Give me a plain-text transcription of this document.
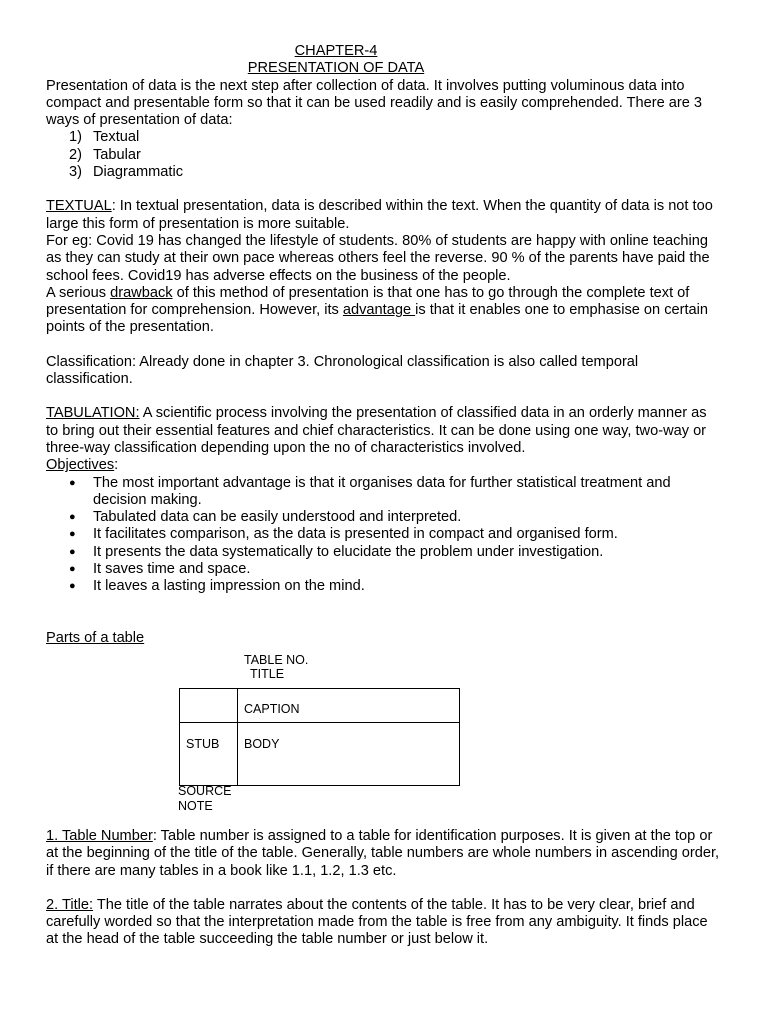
CHAPTER-4

PRESENTATION OF DATA

Presentation of data is the next step after collection of data. It involves putting voluminous data into compact and presentable form so that it can be used readily and is easily comprehended. There are 3 ways of presentation of data:

1) Textual
2) Tabular
3) Diagrammatic

TEXTUAL: In textual presentation, data is described within the text. When the quantity of data is not too large this form of presentation is more suitable.

For eg: Covid 19 has changed the lifestyle of students. 80% of students are happy with online teaching as they can study at their own pace whereas others feel the reverse. 90 % of the parents have paid the school fees. Covid19 has adverse effects on the business of the people.

A serious drawback of this method of presentation is that one has to go through the complete text of presentation for comprehension. However, its advantage is that it enables one to emphasise on certain points of the presentation.

Classification: Already done in chapter 3. Chronological classification is also called temporal classification.

TABULATION: A scientific process involving the presentation of classified data in an orderly manner as to bring out their essential features and chief characteristics. It can be done using one way, two-way or three-way classification depending upon the no of characteristics involved.

Objectives:

● The most important advantage is that it organises data for further statistical treatment and decision making.
● Tabulated data can be easily understood and interpreted.
● It facilitates comparison, as the data is presented in compact and organised form.
● It presents the data systematically to elucidate the problem under investigation.
● It saves time and space.
● It leaves a lasting impression on the mind.

Parts of a table

TABLE NO.
TITLE
CAPTION
STUB BODY
SOURCE
NOTE

1. Table Number: Table number is assigned to a table for identification purposes. It is given at the top or at the beginning of the title of the table. Generally, table numbers are whole numbers in ascending order, if there are many tables in a book like 1.1, 1.2, 1.3 etc.

2. Title: The title of the table narrates about the contents of the table. It has to be very clear, brief and carefully worded so that the interpretation made from the table is free from any ambiguity. It finds place at the head of the table succeeding the table number or just below it.
